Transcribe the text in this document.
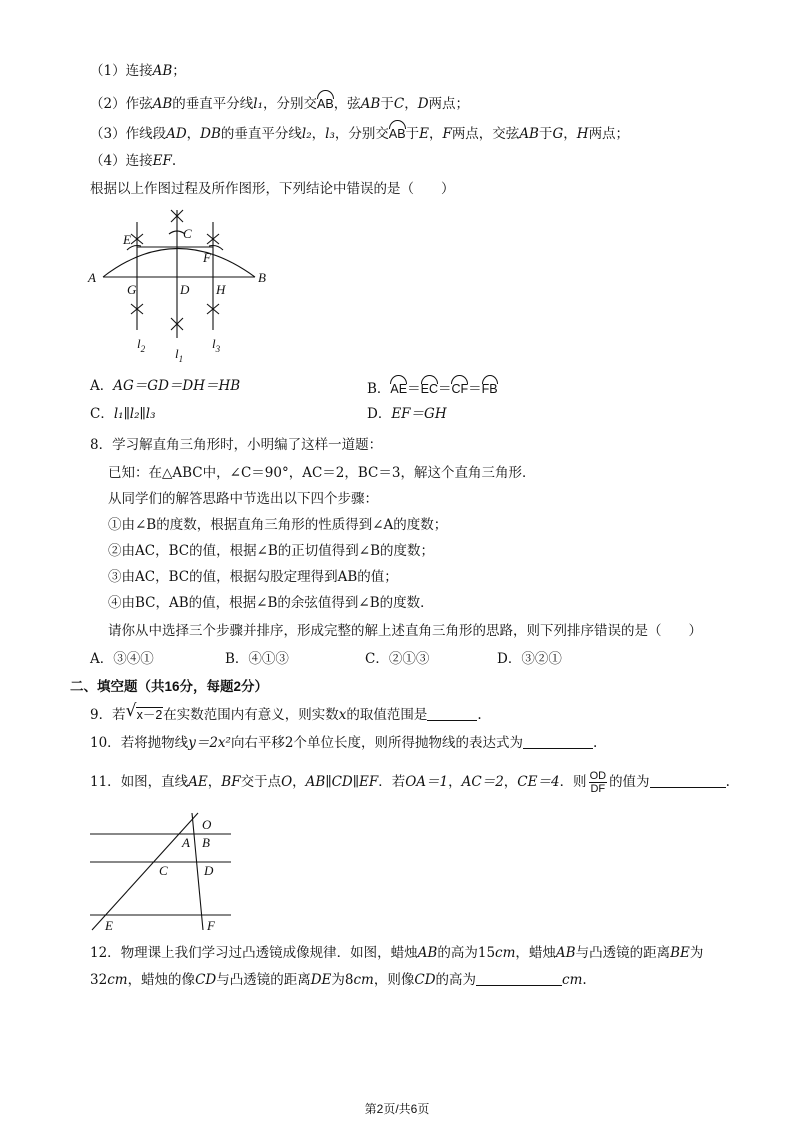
（1）连接AB；
（2）作弦AB的垂直平分线l₁，分别交AB，弦AB于C，D两点；
（3）作线段AD，DB的垂直平分线l₂，l₃，分别交AB于E，F两点，交弦AB于G，H两点；
（4）连接EF.
根据以上作图过程及所作图形，下列结论中错误的是（　　）
A	B
C
D
E
F
G	H
$l_2$ $l_1$
$l_3$
A．AG＝GD＝DH＝HB	B．AE＝EC＝CF＝FB
C．l₁∥l₂∥l₃	D．EF＝GH
8．学习解直角三角形时，小明编了这样一道题：
已知：在△ABC中，∠C＝90°，AC＝2，BC＝3，解这个直角三角形．
从同学们的解答思路中节选出以下四个步骤：
①由∠B的度数，根据直角三角形的性质得到∠A的度数；
②由AC，BC的值，根据∠B的正切值得到∠B的度数；
③由AC，BC的值，根据勾股定理得到AB的值；
④由BC，AB的值，根据∠B的余弦值得到∠B的度数．
请你从中选择三个步骤并排序，形成完整的解上述直角三角形的思路，则下列排序错误的是（　　）
A．③④①	B．④①③	C．②①③	D．③②①
二、填空题（共16分，每题2分）
9．若 √ x－2在实数范围内有意义，则实数x的取值范围是	.
10．若将抛物线y＝2x²向右平移2个单位长度，则所得抛物线的表达式为	.
11．如图，直线AE，BF交于点O，AB∥CD∥EF．若OA＝1，AC＝2，CE＝4．则 $\frac{OD}{DF}$ 的值为	.
O
A B
C	D
E	F
12．物理课上我们学习过凸透镜成像规律．如图，蜡烛AB的高为15cm，蜡烛AB与凸透镜的距离BE为
32cm，蜡烛的像CD与凸透镜的距离DE为8cm，则像CD的高为	cm.
第2页/共6页
